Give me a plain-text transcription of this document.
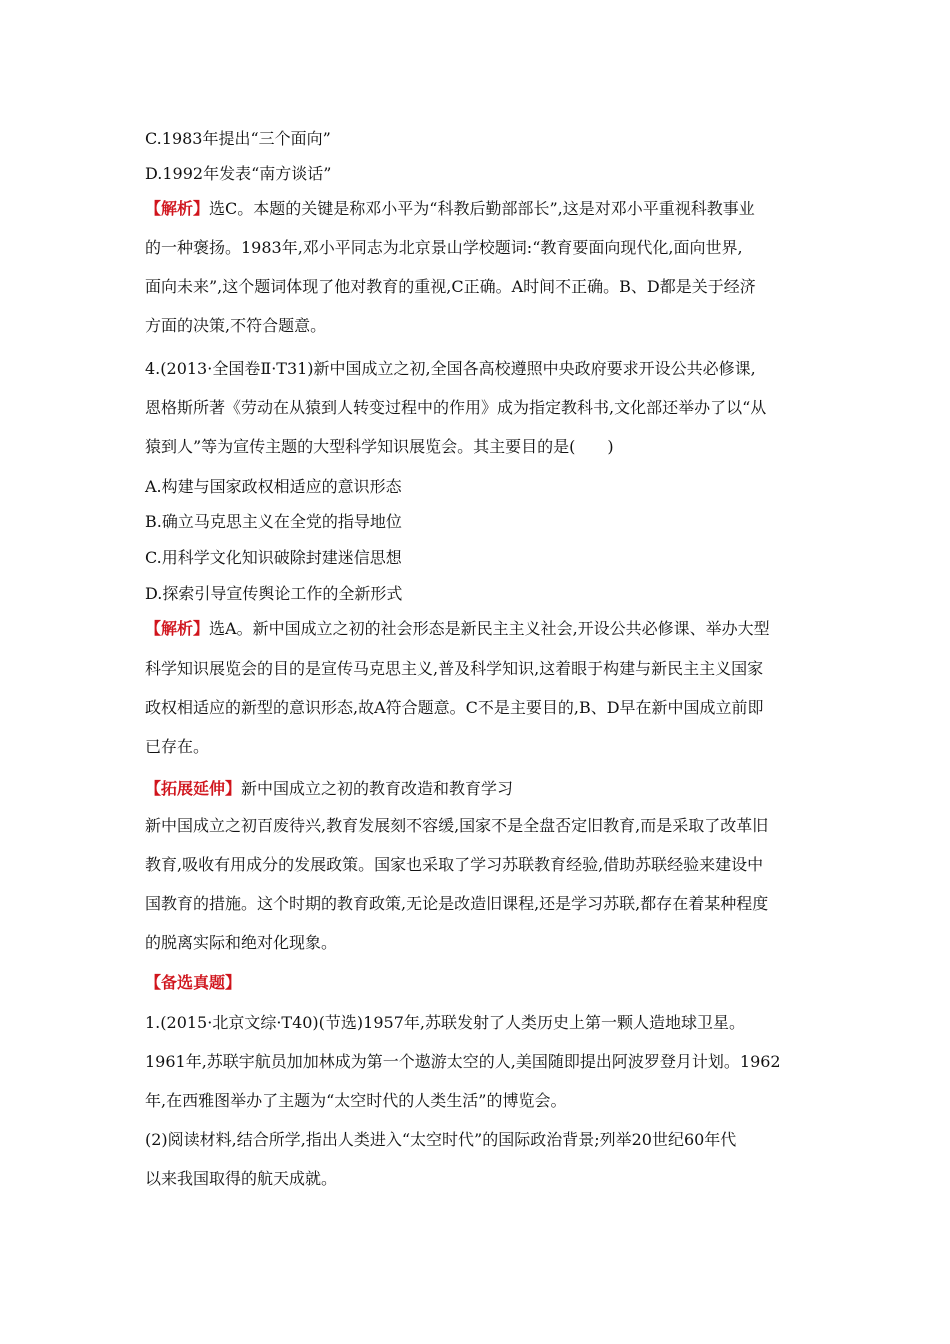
C.1983年提出“三个面向”
D.1992年发表“南方谈话”
【解析】选C。本题的关键是称邓小平为“科教后勤部部长”,这是对邓小平重视科教事业
的一种褒扬。1983年,邓小平同志为北京景山学校题词:“教育要面向现代化,面向世界,
面向未来”,这个题词体现了他对教育的重视,C正确。A时间不正确。B、D都是关于经济
方面的决策,不符合题意。
4.(2013·全国卷Ⅱ·T31)新中国成立之初,全国各高校遵照中央政府要求开设公共必修课,
恩格斯所著《劳动在从猿到人转变过程中的作用》成为指定教科书,文化部还举办了以“从
猿到人”等为宣传主题的大型科学知识展览会。其主要目的是(　　)
A.构建与国家政权相适应的意识形态
B.确立马克思主义在全党的指导地位
C.用科学文化知识破除封建迷信思想
D.探索引导宣传舆论工作的全新形式
【解析】选A。新中国成立之初的社会形态是新民主主义社会,开设公共必修课、举办大型
科学知识展览会的目的是宣传马克思主义,普及科学知识,这着眼于构建与新民主主义国家
政权相适应的新型的意识形态,故A符合题意。C不是主要目的,B、D早在新中国成立前即
已存在。
【拓展延伸】新中国成立之初的教育改造和教育学习
新中国成立之初百废待兴,教育发展刻不容缓,国家不是全盘否定旧教育,而是采取了改革旧
教育,吸收有用成分的发展政策。国家也采取了学习苏联教育经验,借助苏联经验来建设中
国教育的措施。这个时期的教育政策,无论是改造旧课程,还是学习苏联,都存在着某种程度
的脱离实际和绝对化现象。
【备选真题】
1.(2015·北京文综·T40)(节选)1957年,苏联发射了人类历史上第一颗人造地球卫星。
1961年,苏联宇航员加加林成为第一个遨游太空的人,美国随即提出阿波罗登月计划。1962
年,在西雅图举办了主题为“太空时代的人类生活”的博览会。
(2)阅读材料,结合所学,指出人类进入“太空时代”的国际政治背景;列举20世纪60年代
以来我国取得的航天成就。
